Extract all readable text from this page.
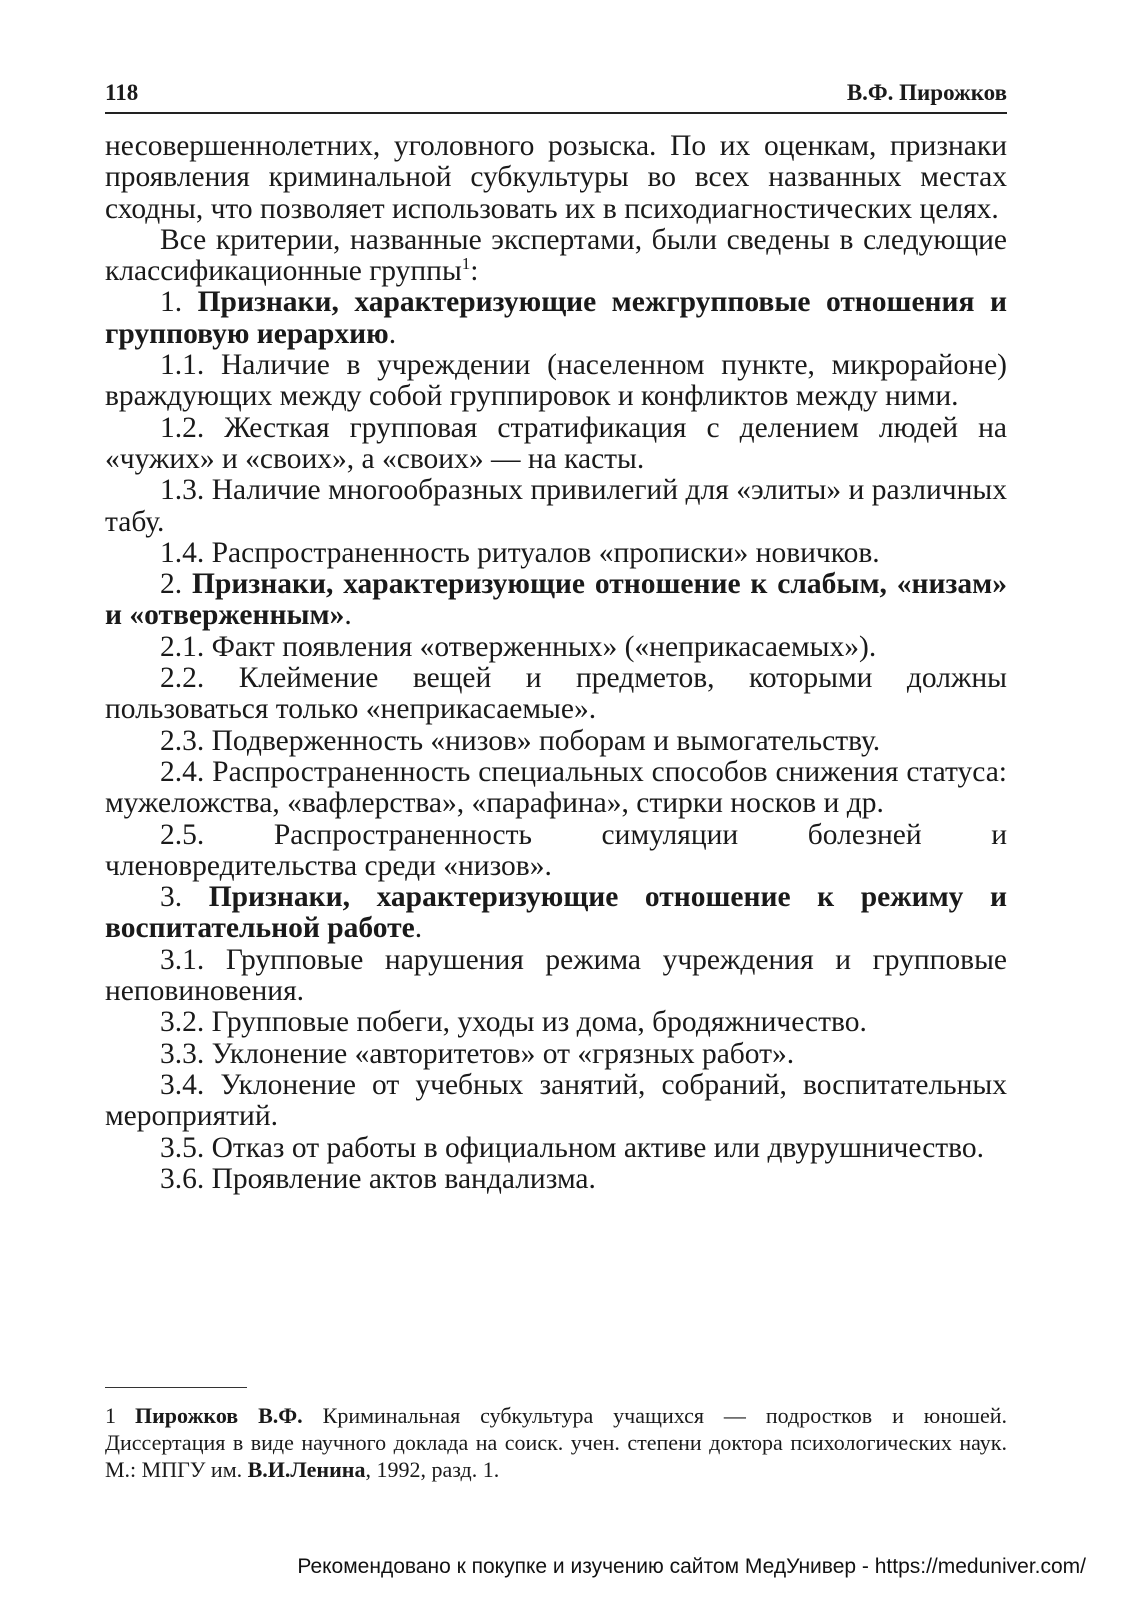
118	В.Ф. Пирожков

несовершеннолетних, уголовного розыска. По их оценкам, признаки проявления криминальной субкультуры во всех названных местах сходны, что позволяет использовать их в психодиагностических целях.

Все критерии, названные экспертами, были сведены в следующие классификационные группы$^1$:

1. Признаки, характеризующие межгрупповые отношения и групповую иерархию.

1.1. Наличие в учреждении (населенном пункте, микрорайоне) враждующих между собой группировок и конфликтов между ними.

1.2. Жесткая групповая стратификация с делением людей на «чужих» и «своих», а «своих» — на касты.

1.3. Наличие многообразных привилегий для «элиты» и различных табу.

1.4. Распространенность ритуалов «прописки» новичков.

2. Признаки, характеризующие отношение к слабым, «низам» и «отверженным».

2.1. Факт появления «отверженных» («неприкасаемых»).

2.2. Клеймение вещей и предметов, которыми должны пользоваться только «неприкасаемые».

2.3. Подверженность «низов» поборам и вымогательству.

2.4. Распространенность специальных способов снижения статуса: мужеложства, «вафлерства», «парафина», стирки носков и др.

2.5. Распространенность симуляции болезней и членовредительства среди «низов».

3. Признаки, характеризующие отношение к режиму и воспитательной работе.

3.1. Групповые нарушения режима учреждения и групповые неповиновения.

3.2. Групповые побеги, уходы из дома, бродяжничество.

3.3. Уклонение «авторитетов» от «грязных работ».

3.4. Уклонение от учебных занятий, собраний, воспитательных мероприятий.

3.5. Отказ от работы в официальном активе или двурушничество.

3.6. Проявление актов вандализма.

1 Пирожков В.Ф. Криминальная субкультура учащихся — подростков и юношей. Диссертация в виде научного доклада на соиск. учен. степени доктора психологических наук. М.: МПГУ им. В.И.Ленина, 1992, разд. 1.
Рекомендовано к покупке и изучению сайтом МедУнивер - https://meduniver.com/
